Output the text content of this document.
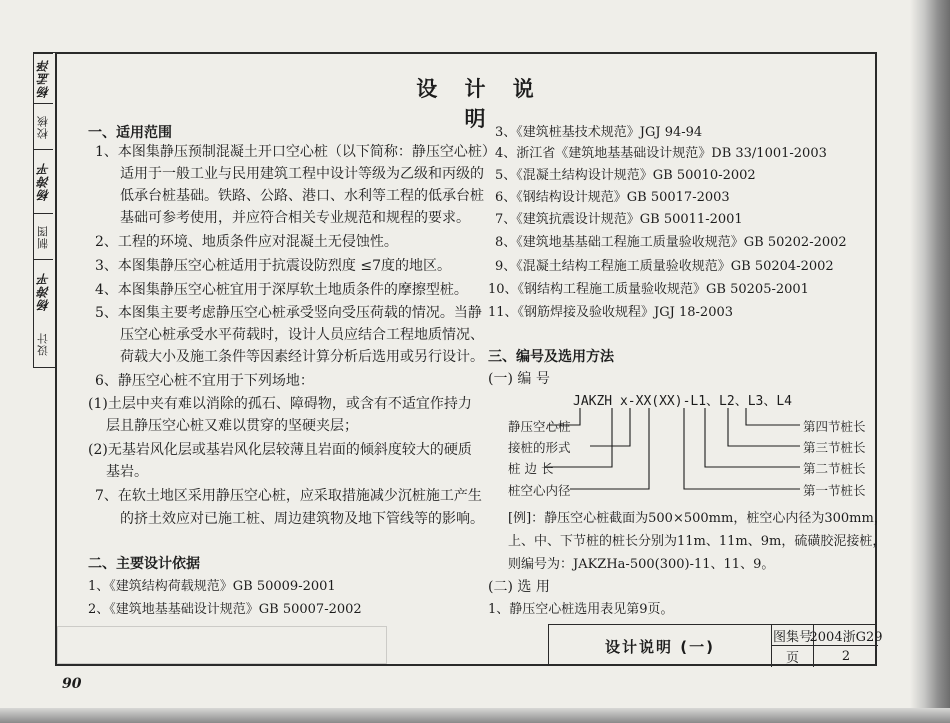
杨孟泽
校核
杨涛平
制图
杨涛平
设计
设 计 说 明
一、适用范围
1、本图集静压预制混凝土开口空心桩（以下简称：静压空心桩）
适用于一般工业与民用建筑工程中设计等级为乙级和丙级的
低承台桩基础。铁路、公路、港口、水利等工程的低承台桩
基础可参考使用，并应符合相关专业规范和规程的要求。
2、工程的环境、地质条件应对混凝土无侵蚀性。
3、本图集静压空心桩适用于抗震设防烈度 ≤7度的地区。
4、本图集静压空心桩宜用于深厚软土地质条件的摩擦型桩。
5、本图集主要考虑静压空心桩承受竖向受压荷载的情况。当静
压空心桩承受水平荷载时，设计人员应结合工程地质情况、
荷载大小及施工条件等因素经计算分析后选用或另行设计。
6、静压空心桩不宜用于下列场地：
(1)土层中夹有难以消除的孤石、障碍物，或含有不适宜作持力
层且静压空心桩又难以贯穿的坚硬夹层；
(2)无基岩风化层或基岩风化层较薄且岩面的倾斜度较大的硬质
基岩。
7、在软土地区采用静压空心桩，应采取措施减少沉桩施工产生
的挤土效应对已施工桩、周边建筑物及地下管线等的影响。
二、主要设计依据
1、《建筑结构荷载规范》GB 50009-2001
2、《建筑地基基础设计规范》GB 50007-2002
3、《建筑桩基技术规范》JGJ 94-94
4、浙江省《建筑地基基础设计规范》DB 33/1001-2003
5、《混凝土结构设计规范》GB 50010-2002
6、《钢结构设计规范》GB 50017-2003
7、《建筑抗震设计规范》GB 50011-2001
8、《建筑地基基础工程施工质量验收规范》GB 50202-2002
9、《混凝土结构工程施工质量验收规范》GB 50204-2002
10、《钢结构工程施工质量验收规范》GB 50205-2001
11、《钢筋焊接及验收规程》JGJ 18-2003
三、编号及选用方法
(一) 编 号
JAKZH x-XX(XX)-L1、L2、L3、L4
静压空心桩
接桩的形式
桩 边 长
桩空心内径
第四节桩长
第三节桩长
第二节桩长
第一节桩长
[例]：静压空心桩截面为500×500mm，桩空心内径为300mm，
上、中、下节桩的桩长分别为11m、11m、9m，硫磺胶泥接桩，
则编号为：JAKZHa-500(300)-11、11、9。
(二) 选 用
1、静压空心桩选用表见第9页。
设计说明 (一)
图集号
2004浙G29
页	2
90
